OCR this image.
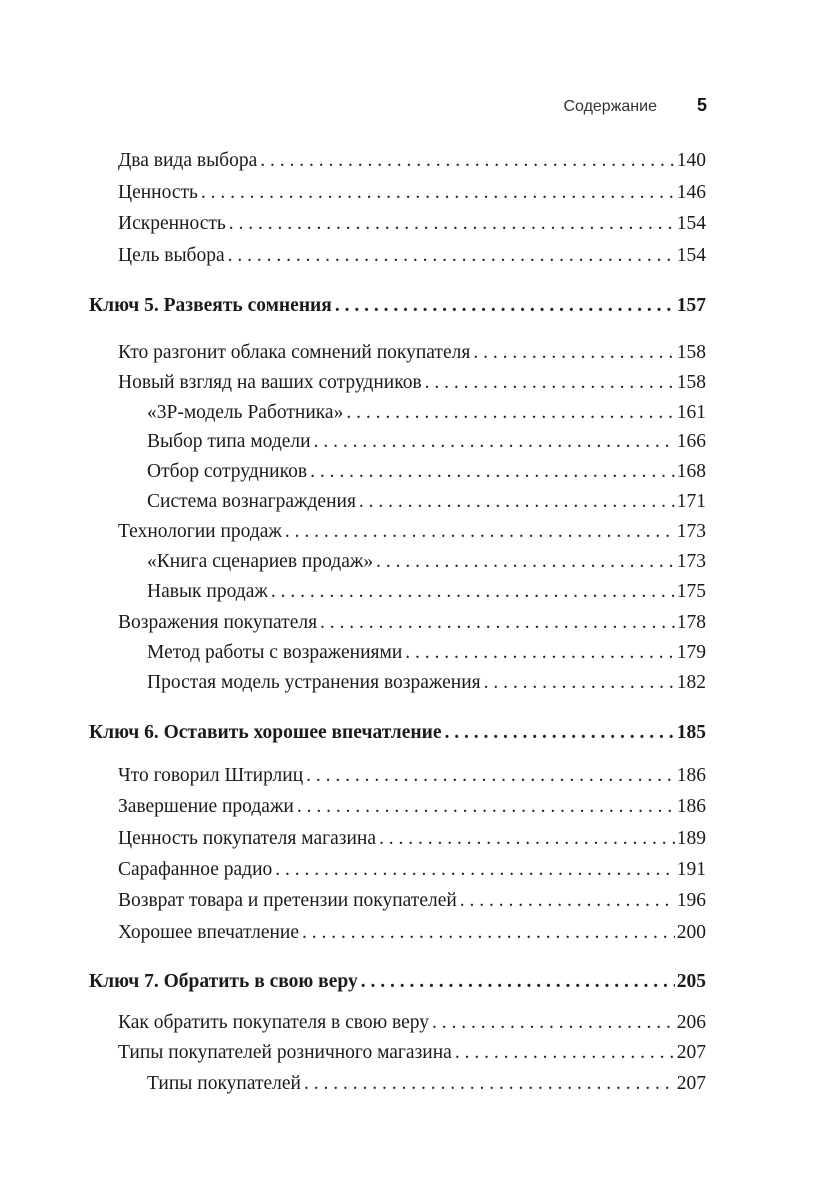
Содержание 5
Два вида выбора . . .	140
Ценность . . .	146
Искренность . . .	154
Цель выбора . . .	154
Ключ 5. Развеять сомнения . . .	157
Кто разгонит облака сомнений покупателя . . .	158
Новый взгляд на ваших сотрудников . . .	158
«3Р-модель Работника» . . .	161
Выбор типа модели . . .	166
Отбор сотрудников . . .	168
Система вознаграждения . . .	171
Технологии продаж . . .	173
«Книга сценариев продаж» . . .	173
Навык продаж . . .	175
Возражения покупателя . . .	178
Метод работы с возражениями . . .	179
Простая модель устранения возражения . . .	182
Ключ 6. Оставить хорошее впечатление . . .	185
Что говорил Штирлиц . . .	186
Завершение продажи . . .	186
Ценность покупателя магазина . . .	189
Сарафанное радио . . .	191
Возврат товара и претензии покупателей . . .	196
Хорошее впечатление . . .	200
Ключ 7. Обратить в свою веру . . .	205
Как обратить покупателя в свою веру . . .	206
Типы покупателей розничного магазина . . .	207
Типы покупателей . . .	207
